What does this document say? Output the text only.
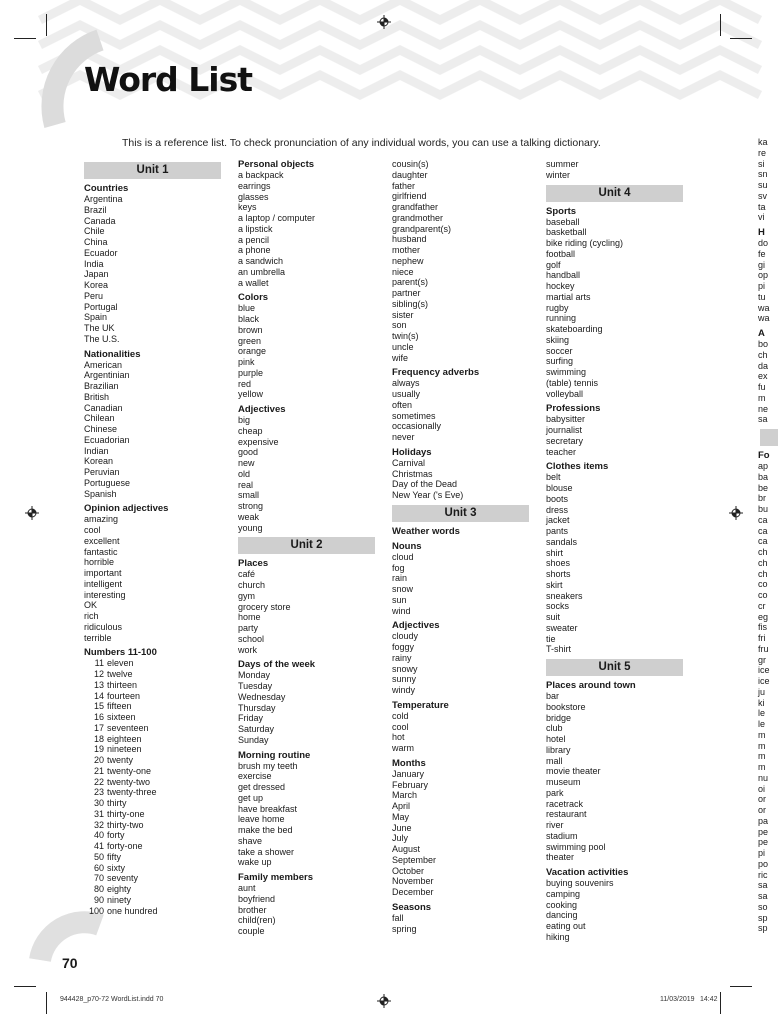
Word List
This is a reference list. To check pronunciation of any individual words, you can use a talking dictionary.
Unit 1
Countries
Argentina
Brazil
Canada
Chile
China
Ecuador
India
Japan
Korea
Peru
Portugal
Spain
The UK
The U.S.
Nationalities
American
Argentinian
Brazilian
British
Canadian
Chilean
Chinese
Ecuadorian
Indian
Korean
Peruvian
Portuguese
Spanish
Opinion adjectives
amazing
cool
excellent
fantastic
horrible
important
intelligent
interesting
OK
rich
ridiculous
terrible
Numbers 11-100
11 eleven
12 twelve
13 thirteen
14 fourteen
15 fifteen
16 sixteen
17 seventeen
18 eighteen
19 nineteen
20 twenty
21 twenty-one
22 twenty-two
23 twenty-three
30 thirty
31 thirty-one
32 thirty-two
40 forty
41 forty-one
50 fifty
60 sixty
70 seventy
80 eighty
90 ninety
100 one hundred
Personal objects
a backpack
earrings
glasses
keys
a laptop / computer
a lipstick
a pencil
a phone
a sandwich
an umbrella
a wallet
Colors
blue
black
brown
green
orange
pink
purple
red
yellow
Adjectives
big
cheap
expensive
good
new
old
real
small
strong
weak
young
Unit 2
Places
café
church
gym
grocery store
home
party
school
work
Days of the week
Monday
Tuesday
Wednesday
Thursday
Friday
Saturday
Sunday
Morning routine
brush my teeth
exercise
get dressed
get up
have breakfast
leave home
make the bed
shave
take a shower
wake up
Family members
aunt
boyfriend
brother
child(ren)
couple
cousin(s)
daughter
father
girlfriend
grandfather
grandmother
grandparent(s)
husband
mother
nephew
niece
parent(s)
partner
sibling(s)
sister
son
twin(s)
uncle
wife
Frequency adverbs
always
usually
often
sometimes
occasionally
never
Holidays
Carnival
Christmas
Day of the Dead
New Year ('s Eve)
Unit 3
Weather words
Nouns
cloud
fog
rain
snow
sun
wind
Adjectives
cloudy
foggy
rainy
snowy
sunny
windy
Temperature
cold
cool
hot
warm
Months
January
February
March
April
May
June
July
August
September
October
November
December
Seasons
fall
spring
summer
winter
Unit 4
Sports
baseball
basketball
bike riding (cycling)
football
golf
handball
hockey
martial arts
rugby
running
skateboarding
skiing
soccer
surfing
swimming
(table) tennis
volleyball
Professions
babysitter
journalist
secretary
teacher
Clothes items
belt
blouse
boots
dress
jacket
pants
sandals
shirt
shoes
shorts
skirt
sneakers
socks
suit
sweater
tie
T-shirt
Unit 5
Places around town
bar
bookstore
bridge
club
hotel
library
mall
movie theater
museum
park
racetrack
restaurant
river
stadium
swimming pool
theater
Vacation activities
buying souvenirs
camping
cooking
dancing
eating out
hiking
ka
re
si
sn
su
sv
ta
vi
H
do
fe
gi
op
pi
tu
wa
wa
A
bo
ch
da
ex
fu
m
ne
sa
Fo
ap
ba
be
br
bu
ca
ca
ca
ch
ch
ch
co
co
cr
eg
fis
fri
fru
gr
ice
ice
ju
ki
le
le
m
m
m
m
nu
oi
or
or
pa
pe
pe
pi
po
ric
sa
sa
so
sp
sp
70
944428_p70-72 WordList.indd 70	11/03/2019 14:42
